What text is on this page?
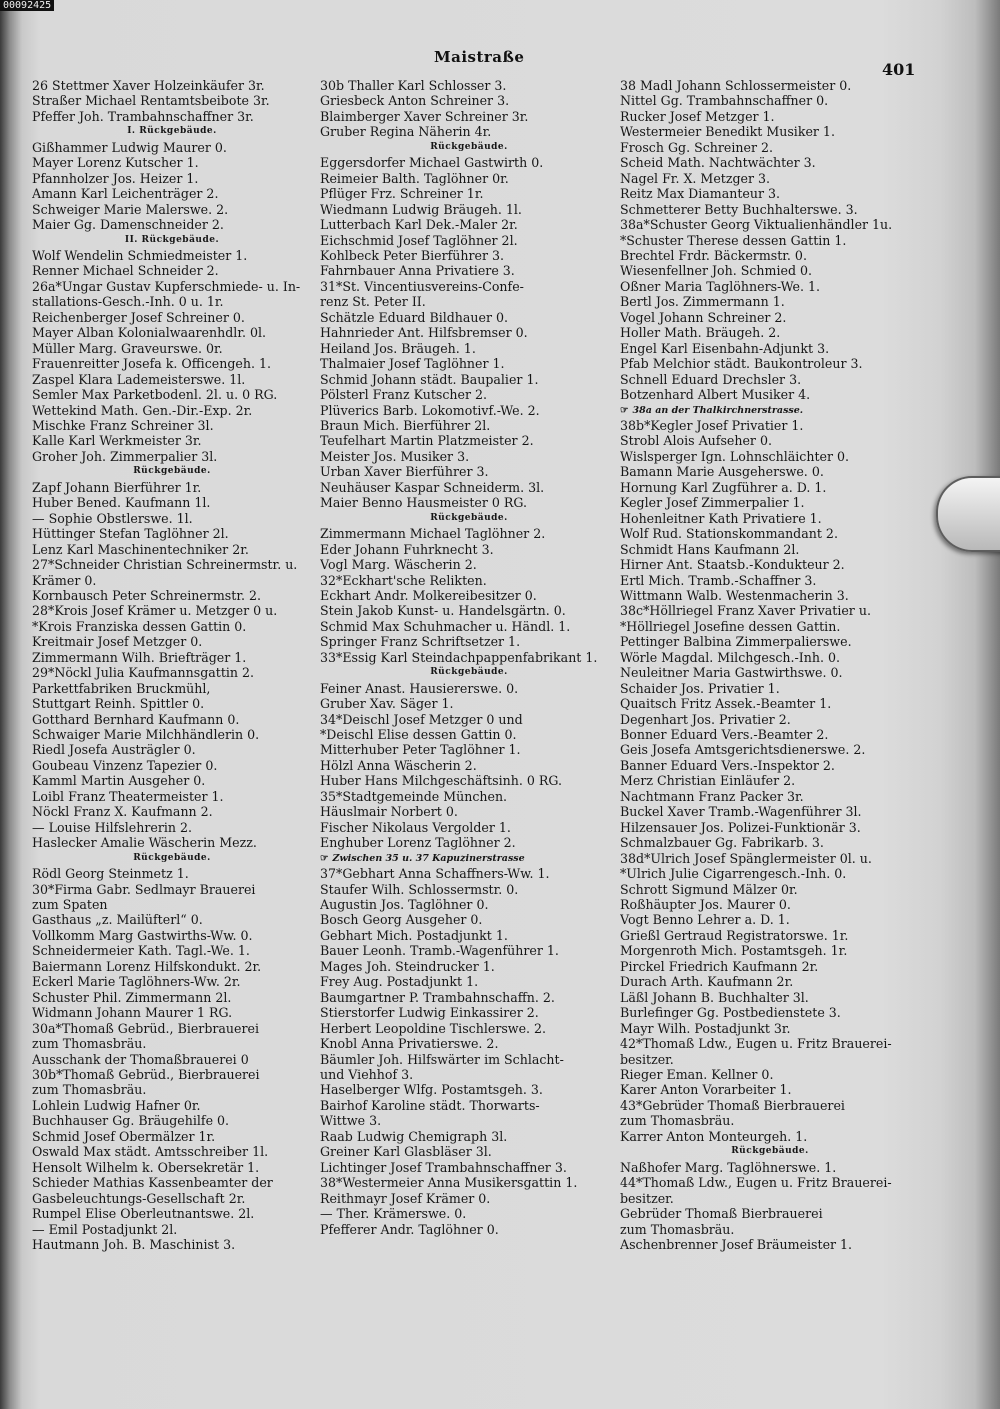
00092425
Maistraße
401
26 Stettmer Xaver Holzeinkäufer 3r.
Straßer Michael Rentamtsbeibote 3r.
Pfeffer Joh. Trambahnschaffner 3r.
I. Rückgebäude.
Gißhammer Ludwig Maurer 0.
Mayer Lorenz Kutscher 1.
Pfannholzer Jos. Heizer 1.
Amann Karl Leichenträger 2.
Schweiger Marie Malerswe. 2.
Maier Gg. Damenschneider 2.
II. Rückgebäude.
Wolf Wendelin Schmiedmeister 1.
Renner Michael Schneider 2.
26a*Ungar Gustav Kupferschmiede- u. In-
stallations-Gesch.-Inh. 0 u. 1r.
Reichenberger Josef Schreiner 0.
Mayer Alban Kolonialwaarenhdlr. 0l.
Müller Marg. Graveurswe. 0r.
Frauenreitter Josefa k. Officengeh. 1.
Zaspel Klara Lademeisterswe. 1l.
Semler Max Parketbodenl. 2l. u. 0 RG.
Wettekind Math. Gen.-Dir.-Exp. 2r.
Mischke Franz Schreiner 3l.
Kalle Karl Werkmeister 3r.
Groher Joh. Zimmerpalier 3l.
Rückgebäude.
Zapf Johann Bierführer 1r.
Huber Bened. Kaufmann 1l.
— Sophie Obstlerswe. 1l.
Hüttinger Stefan Taglöhner 2l.
Lenz Karl Maschinentechniker 2r.
27*Schneider Christian Schreinermstr. u.
Krämer 0.
Kornbausch Peter Schreinermstr. 2.
28*Krois Josef Krämer u. Metzger 0 u.
*Krois Franziska dessen Gattin 0.
Kreitmair Josef Metzger 0.
Zimmermann Wilh. Briefträger 1.
29*Nöckl Julia Kaufmannsgattin 2.
Parkettfabriken Bruckmühl,
Stuttgart Reinh. Spittler 0.
Gotthard Bernhard Kaufmann 0.
Schwaiger Marie Milchhändlerin 0.
Riedl Josefa Austrägler 0.
Goubeau Vinzenz Tapezier 0.
Kamml Martin Ausgeher 0.
Loibl Franz Theatermeister 1.
Nöckl Franz X. Kaufmann 2.
— Louise Hilfslehrerin 2.
Haslecker Amalie Wäscherin Mezz.
Rückgebäude.
Rödl Georg Steinmetz 1.
30*Firma Gabr. Sedlmayr Brauerei
zum Spaten
Gasthaus „z. Mailüfterl“ 0.
Vollkomm Marg Gastwirths-Ww. 0.
Schneidermeier Kath. Tagl.-We. 1.
Baiermann Lorenz Hilfskondukt. 2r.
Eckerl Marie Taglöhners-Ww. 2r.
Schuster Phil. Zimmermann 2l.
Widmann Johann Maurer 1 RG.
30a*Thomaß Gebrüd., Bierbrauerei
zum Thomasbräu.
Ausschank der Thomaßbrauerei 0
30b*Thomaß Gebrüd., Bierbrauerei
zum Thomasbräu.
Lohlein Ludwig Hafner 0r.
Buchhauser Gg. Bräugehilfe 0.
Schmid Josef Obermälzer 1r.
Oswald Max städt. Amtsschreiber 1l.
Hensolt Wilhelm k. Obersekretär 1.
Schieder Mathias Kassenbeamter der
Gasbeleuchtungs-Gesellschaft 2r.
Rumpel Elise Oberleutnantswe. 2l.
— Emil Postadjunkt 2l.
Hautmann Joh. B. Maschinist 3.
30b Thaller Karl Schlosser 3.
Griesbeck Anton Schreiner 3.
Blaimberger Xaver Schreiner 3r.
Gruber Regina Näherin 4r.
Rückgebäude.
Eggersdorfer Michael Gastwirth 0.
Reimeier Balth. Taglöhner 0r.
Pflüger Frz. Schreiner 1r.
Wiedmann Ludwig Bräugeh. 1l.
Lutterbach Karl Dek.-Maler 2r.
Eichschmid Josef Taglöhner 2l.
Kohlbeck Peter Bierführer 3.
Fahrnbauer Anna Privatiere 3.
31*St. Vincentiusvereins-Confe-
renz St. Peter II.
Schätzle Eduard Bildhauer 0.
Hahnrieder Ant. Hilfsbremser 0.
Heiland Jos. Bräugeh. 1.
Thalmaier Josef Taglöhner 1.
Schmid Johann städt. Baupalier 1.
Pölsterl Franz Kutscher 2.
Plüverics Barb. Lokomotivf.-We. 2.
Braun Mich. Bierführer 2l.
Teufelhart Martin Platzmeister 2.
Meister Jos. Musiker 3.
Urban Xaver Bierführer 3.
Neuhäuser Kaspar Schneiderm. 3l.
Maier Benno Hausmeister 0 RG.
Rückgebäude.
Zimmermann Michael Taglöhner 2.
Eder Johann Fuhrknecht 3.
Vogl Marg. Wäscherin 2.
32*Eckhart'sche Relikten.
Eckhart Andr. Molkereibesitzer 0.
Stein Jakob Kunst- u. Handelsgärtn. 0.
Schmid Max Schuhmacher u. Händl. 1.
Springer Franz Schriftsetzer 1.
33*Essig Karl Steindachpappenfabrikant 1.
Rückgebäude.
Feiner Anast. Hausiererswe. 0.
Gruber Xav. Säger 1.
34*Deischl Josef Metzger 0 und
*Deischl Elise dessen Gattin 0.
Mitterhuber Peter Taglöhner 1.
Hölzl Anna Wäscherin 2.
Huber Hans Milchgeschäftsinh. 0 RG.
35*Stadtgemeinde München.
Häuslmair Norbert 0.
Fischer Nikolaus Vergolder 1.
Enghuber Lorenz Taglöhner 2.
☞ Zwischen 35 u. 37 Kapuzinerstrasse
37*Gebhart Anna Schaffners-Ww. 1.
Staufer Wilh. Schlossermstr. 0.
Augustin Jos. Taglöhner 0.
Bosch Georg Ausgeher 0.
Gebhart Mich. Postadjunkt 1.
Bauer Leonh. Tramb.-Wagenführer 1.
Mages Joh. Steindrucker 1.
Frey Aug. Postadjunkt 1.
Baumgartner P. Trambahnschaffn. 2.
Stierstorfer Ludwig Einkassirer 2.
Herbert Leopoldine Tischlerswe. 2.
Knobl Anna Privatierswe. 2.
Bäumler Joh. Hilfswärter im Schlacht-
und Viehhof 3.
Haselberger Wlfg. Postamtsgeh. 3.
Bairhof Karoline städt. Thorwarts-
Wittwe 3.
Raab Ludwig Chemigraph 3l.
Greiner Karl Glasbläser 3l.
Lichtinger Josef Trambahnschaffner 3.
38*Westermeier Anna Musikersgattin 1.
Reithmayr Josef Krämer 0.
— Ther. Krämerswe. 0.
Pfefferer Andr. Taglöhner 0.
38 Madl Johann Schlossermeister 0.
Nittel Gg. Trambahnschaffner 0.
Rucker Josef Metzger 1.
Westermeier Benedikt Musiker 1.
Frosch Gg. Schreiner 2.
Scheid Math. Nachtwächter 3.
Nagel Fr. X. Metzger 3.
Reitz Max Diamanteur 3.
Schmetterer Betty Buchhalterswe. 3.
38a*Schuster Georg Viktualienhändler 1u.
*Schuster Therese dessen Gattin 1.
Brechtel Frdr. Bäckermstr. 0.
Wiesenfellner Joh. Schmied 0.
Oßner Maria Taglöhners-We. 1.
Bertl Jos. Zimmermann 1.
Vogel Johann Schreiner 2.
Holler Math. Bräugeh. 2.
Engel Karl Eisenbahn-Adjunkt 3.
Pfab Melchior städt. Baukontroleur 3.
Schnell Eduard Drechsler 3.
Botzenhard Albert Musiker 4.
☞ 38a an der Thalkirchnerstrasse.
38b*Kegler Josef Privatier 1.
Strobl Alois Aufseher 0.
Wislsperger Ign. Lohnschläichter 0.
Bamann Marie Ausgeherswe. 0.
Hornung Karl Zugführer a. D. 1.
Kegler Josef Zimmerpalier 1.
Hohenleitner Kath Privatiere 1.
Wolf Rud. Stationskommandant 2.
Schmidt Hans Kaufmann 2l.
Hirner Ant. Staatsb.-Kondukteur 2.
Ertl Mich. Tramb.-Schaffner 3.
Wittmann Walb. Westenmacherin 3.
38c*Höllriegel Franz Xaver Privatier u.
*Höllriegel Josefine dessen Gattin.
Pettinger Balbina Zimmerpalierswe.
Wörle Magdal. Milchgesch.-Inh. 0.
Neuleitner Maria Gastwirthswe. 0.
Schaider Jos. Privatier 1.
Quaitsch Fritz Assek.-Beamter 1.
Degenhart Jos. Privatier 2.
Bonner Eduard Vers.-Beamter 2.
Geis Josefa Amtsgerichtsdienerswe. 2.
Banner Eduard Vers.-Inspektor 2.
Merz Christian Einläufer 2.
Nachtmann Franz Packer 3r.
Buckel Xaver Tramb.-Wagenführer 3l.
Hilzensauer Jos. Polizei-Funktionär 3.
Schmalzbauer Gg. Fabrikarb. 3.
38d*Ulrich Josef Spänglermeister 0l. u.
*Ulrich Julie Cigarrengesch.-Inh. 0.
Schrott Sigmund Mälzer 0r.
Roßhäupter Jos. Maurer 0.
Vogt Benno Lehrer a. D. 1.
Grießl Gertraud Registratorswe. 1r.
Morgenroth Mich. Postamtsgeh. 1r.
Pirckel Friedrich Kaufmann 2r.
Durach Arth. Kaufmann 2r.
Läßl Johann B. Buchhalter 3l.
Burlefinger Gg. Postbedienstete 3.
Mayr Wilh. Postadjunkt 3r.
42*Thomaß Ldw., Eugen u. Fritz Brauerei-
besitzer.
Rieger Eman. Kellner 0.
Karer Anton Vorarbeiter 1.
43*Gebrüder Thomaß Bierbrauerei
zum Thomasbräu.
Karrer Anton Monteurgeh. 1.
Rückgebäude.
Naßhofer Marg. Taglöhnerswe. 1.
44*Thomaß Ldw., Eugen u. Fritz Brauerei-
besitzer.
Gebrüder Thomaß Bierbrauerei
zum Thomasbräu.
Aschenbrenner Josef Bräumeister 1.
